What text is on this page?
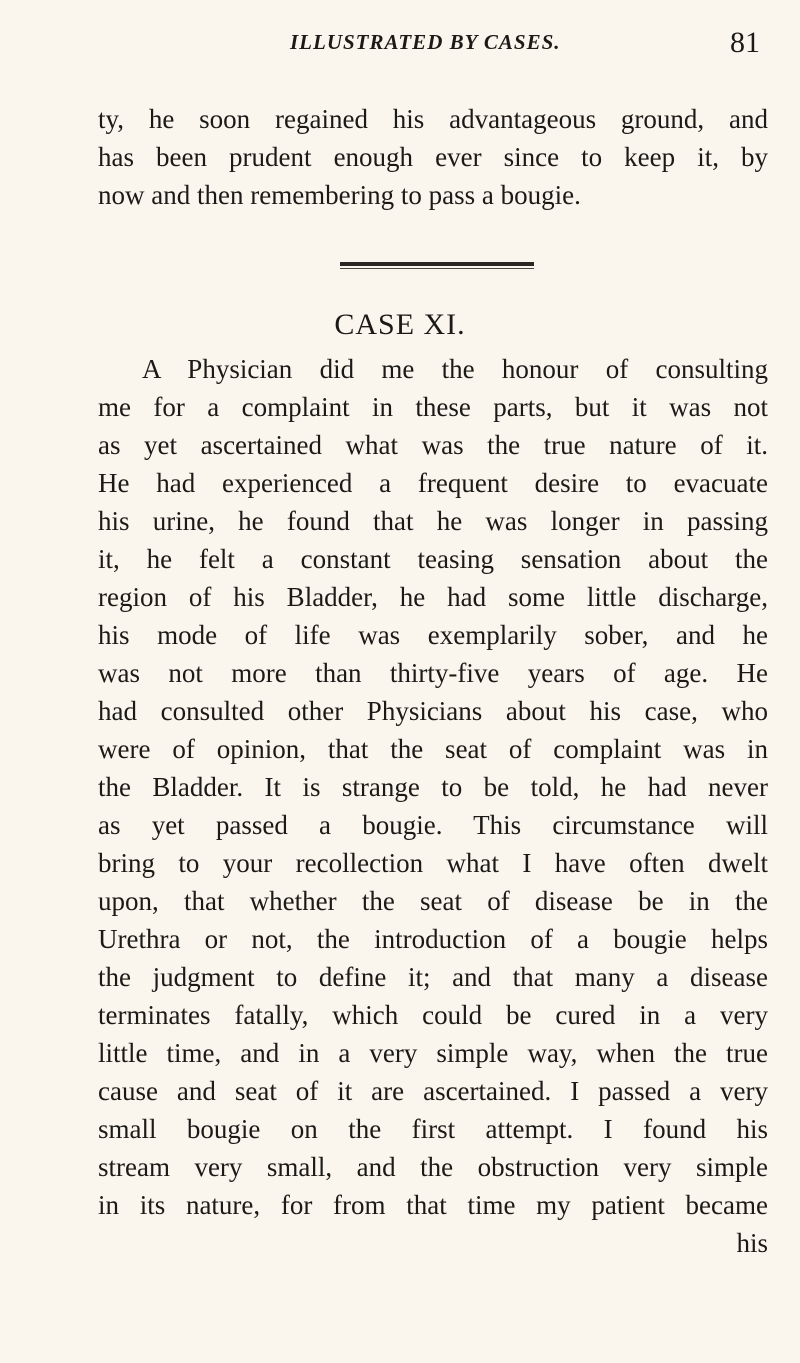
ILLUSTRATED BY CASES.	81
ty, he soon regained his advantageous ground, and
has been prudent enough ever since to keep it, by
now and then remembering to pass a bougie.
CASE XI.
A Physician did me the honour of consulting
me for a complaint in these parts, but it was not
as yet ascertained what was the true nature of it.
He had experienced a frequent desire to evacuate
his urine, he found that he was longer in passing
it, he felt a constant teasing sensation about the
region of his Bladder, he had some little discharge,
his mode of life was exemplarily sober, and he
was not more than thirty-five years of age. He
had consulted other Physicians about his case, who
were of opinion, that the seat of complaint was in
the Bladder. It is strange to be told, he had never
as yet passed a bougie. This circumstance will
bring to your recollection what I have often dwelt
upon, that whether the seat of disease be in the
Urethra or not, the introduction of a bougie helps
the judgment to define it; and that many a disease
terminates fatally, which could be cured in a very
little time, and in a very simple way, when the true
cause and seat of it are ascertained. I passed a very
small bougie on the first attempt. I found his
stream very small, and the obstruction very simple
in its nature, for from that time my patient became
his
